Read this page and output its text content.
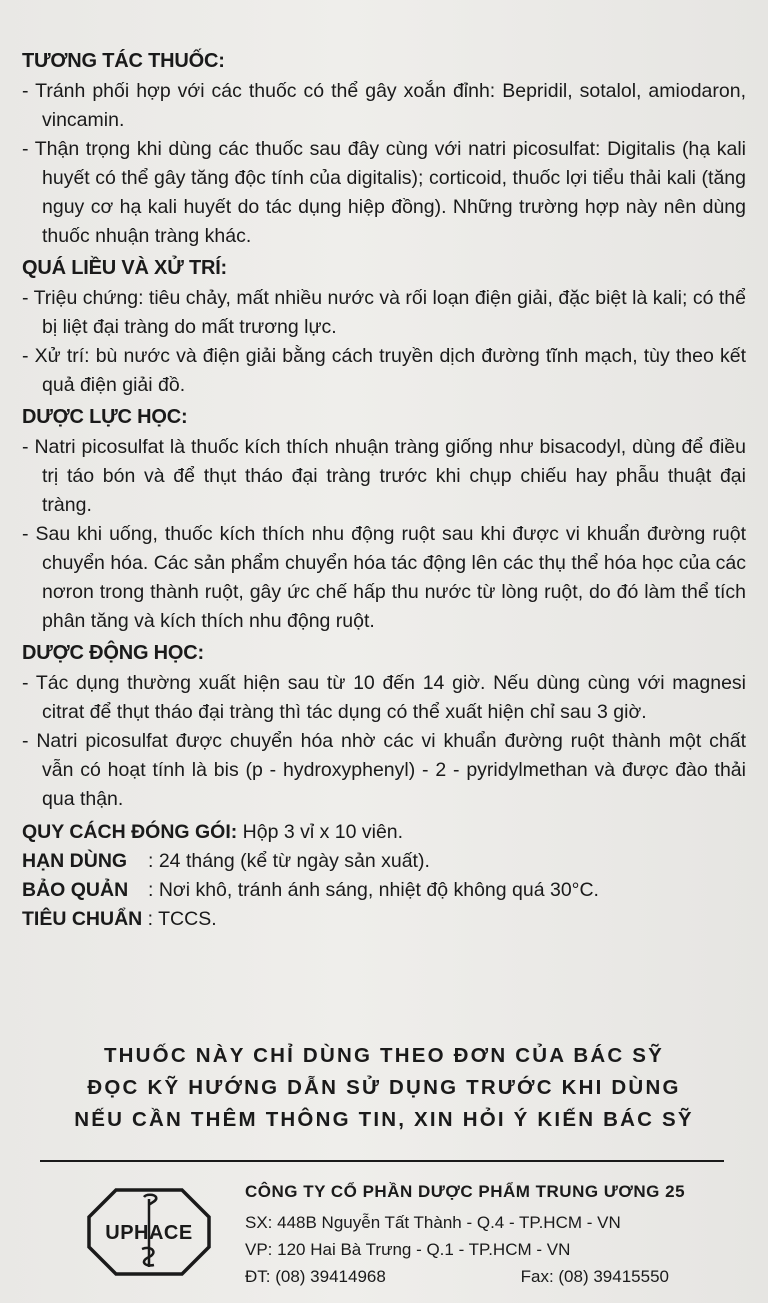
TƯƠNG TÁC THUỐC:

- Tránh phối hợp với các thuốc có thể gây xoắn đỉnh: Bepridil, sotalol, amiodaron, vincamin.

- Thận trọng khi dùng các thuốc sau đây cùng với natri picosulfat: Digitalis (hạ kali huyết có thể gây tăng độc tính của digitalis); corticoid, thuốc lợi tiểu thải kali (tăng nguy cơ hạ kali huyết do tác dụng hiệp đồng). Những trường hợp này nên dùng thuốc nhuận tràng khác.

QUÁ LIỀU VÀ XỬ TRÍ:

- Triệu chứng: tiêu chảy, mất nhiều nước và rối loạn điện giải, đặc biệt là kali; có thể bị liệt đại tràng do mất trương lực.

- Xử trí: bù nước và điện giải bằng cách truyền dịch đường tĩnh mạch, tùy theo kết quả điện giải đồ.

DƯỢC LỰC HỌC:

- Natri picosulfat là thuốc kích thích nhuận tràng giống như bisacodyl, dùng để điều trị táo bón và để thụt tháo đại tràng trước khi chụp chiếu hay phẫu thuật đại tràng.

- Sau khi uống, thuốc kích thích nhu động ruột sau khi được vi khuẩn đường ruột chuyển hóa. Các sản phẩm chuyển hóa tác động lên các thụ thể hóa học của các nơron trong thành ruột, gây ức chế hấp thu nước từ lòng ruột, do đó làm thể tích phân tăng và kích thích nhu động ruột.

DƯỢC ĐỘNG HỌC:

- Tác dụng thường xuất hiện sau từ 10 đến 14 giờ. Nếu dùng cùng với magnesi citrat để thụt tháo đại tràng thì tác dụng có thể xuất hiện chỉ sau 3 giờ.

- Natri picosulfat được chuyển hóa nhờ các vi khuẩn đường ruột thành một chất vẫn có hoạt tính là bis (p - hydroxyphenyl) - 2 - pyridylmethan và được đào thải qua thận.

QUY CÁCH ĐÓNG GÓI: Hộp 3 vỉ x 10 viên.

HẠN DÙNG	: 24 tháng (kể từ ngày sản xuất).

BẢO QUẢN	: Nơi khô, tránh ánh sáng, nhiệt độ không quá 30°C.

TIÊU CHUẨN : TCCS.

THUỐC NÀY CHỈ DÙNG THEO ĐƠN CỦA BÁC SỸ
ĐỌC KỸ HƯỚNG DẪN SỬ DỤNG TRƯỚC KHI DÙNG
NẾU CẦN THÊM THÔNG TIN, XIN HỎI Ý KIẾN BÁC SỸ
UPHACE
CÔNG TY CỔ PHẦN DƯỢC PHẨM TRUNG ƯƠNG 25
SX: 448B Nguyễn Tất Thành - Q.4 - TP.HCM - VN
VP: 120 Hai Bà Trưng - Q.1 - TP.HCM - VN
ĐT: (08) 39414968	Fax: (08) 39415550
